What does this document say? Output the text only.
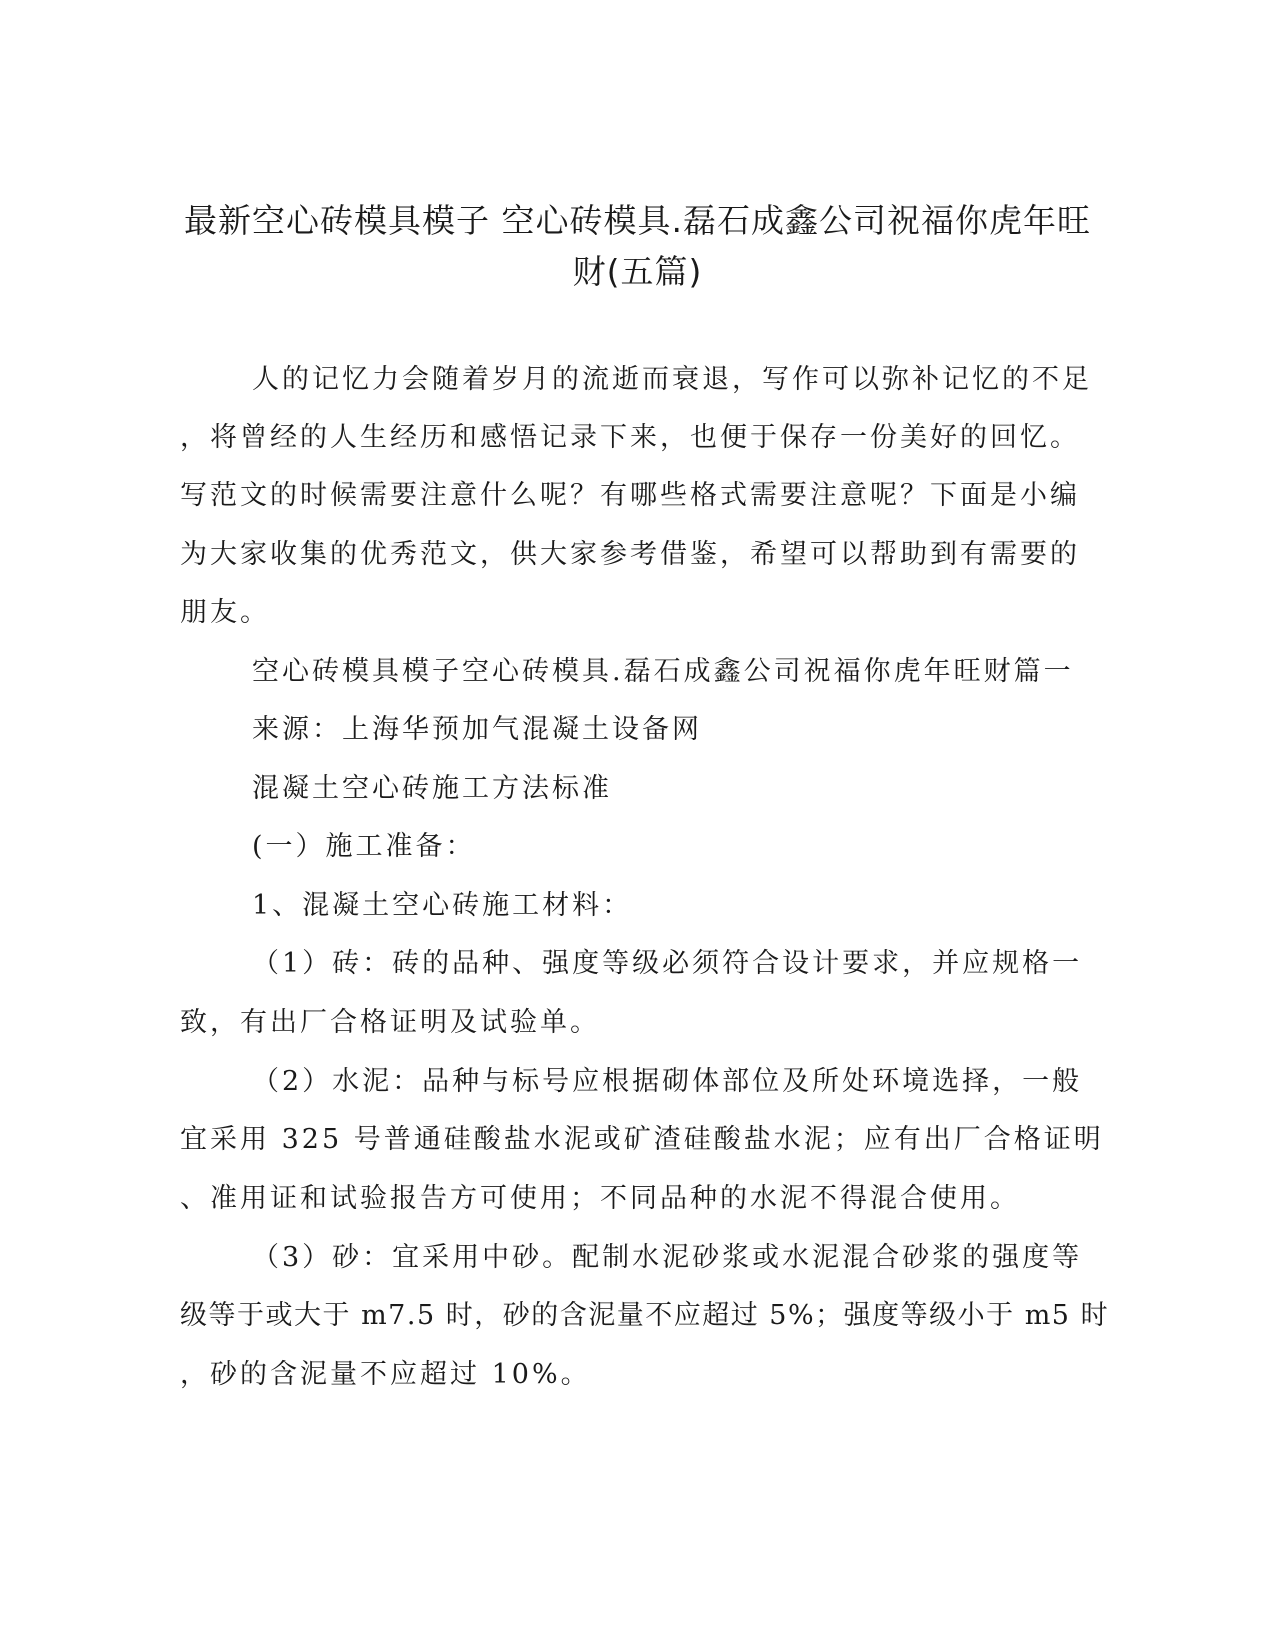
最新空心砖模具模子 空心砖模具.磊石成鑫公司祝福你虎年旺
财(五篇)

人的记忆力会随着岁月的流逝而衰退，写作可以弥补记忆的不足

，将曾经的人生经历和感悟记录下来，也便于保存一份美好的回忆。

写范文的时候需要注意什么呢？有哪些格式需要注意呢？下面是小编

为大家收集的优秀范文，供大家参考借鉴，希望可以帮助到有需要的

朋友。

空心砖模具模子空心砖模具.磊石成鑫公司祝福你虎年旺财篇一

来源：上海华预加气混凝土设备网

混凝土空心砖施工方法标准

(一）施工准备：

1、混凝土空心砖施工材料：

（1）砖：砖的品种、强度等级必须符合设计要求，并应规格一

致，有出厂合格证明及试验单。

（2）水泥：品种与标号应根据砌体部位及所处环境选择，一般

宜采用 325 号普通硅酸盐水泥或矿渣硅酸盐水泥；应有出厂合格证明

、准用证和试验报告方可使用；不同品种的水泥不得混合使用。

（3）砂：宜采用中砂。配制水泥砂浆或水泥混合砂浆的强度等

级等于或大于 m7.5 时，砂的含泥量不应超过 5%；强度等级小于 m5 时

，砂的含泥量不应超过 10%。
